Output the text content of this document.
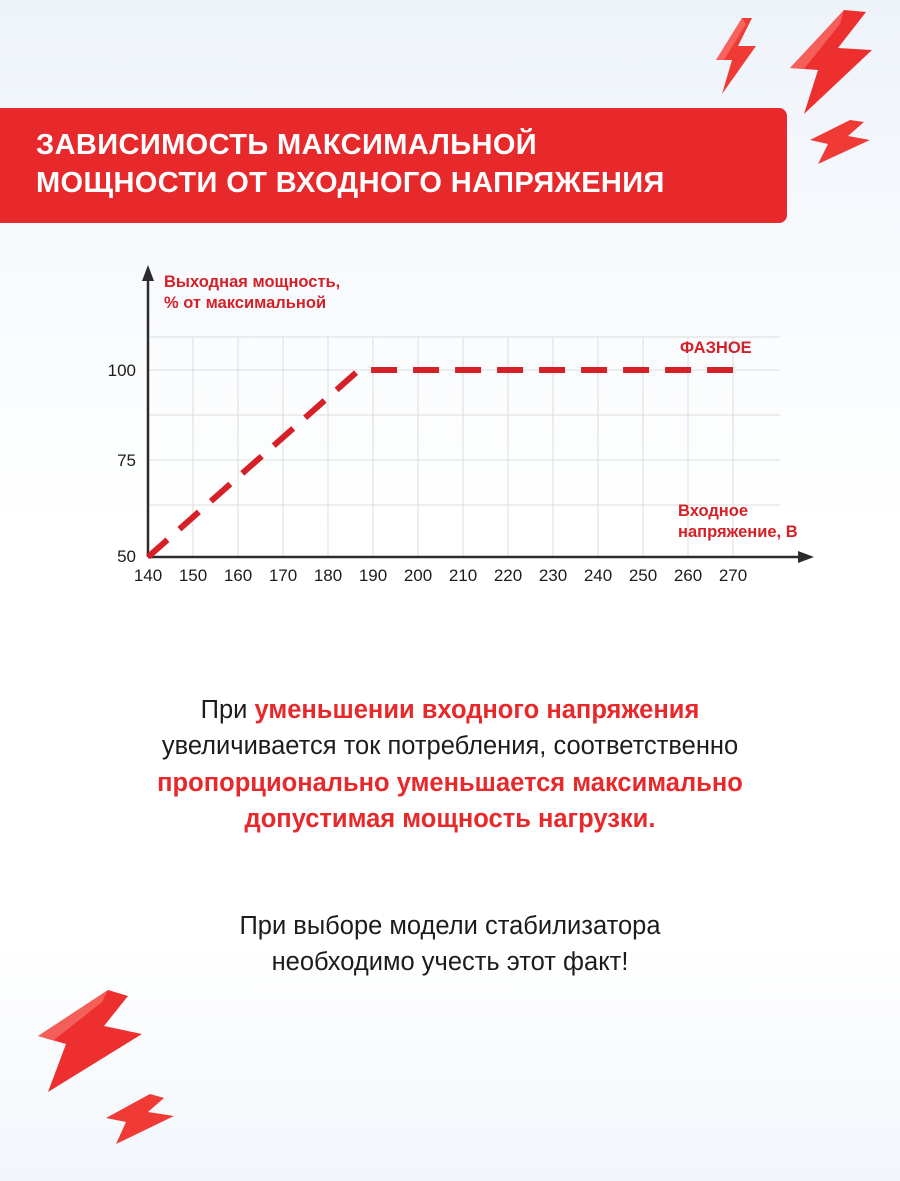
ЗАВИСИМОСТЬ МАКСИМАЛЬНОЙ
МОЩНОСТИ ОТ ВХОДНОГО НАПРЯЖЕНИЯ
100
75
50
140 150 160 170 180 190 200 210 220 230 240 250 260 270
Выходная мощность,
% от максимальной
Входное
напряжение, В
ФАЗНОЕ
При уменьшении входного напряжения
увеличивается ток потребления, соответственно
пропорционально уменьшается максимально
допустимая мощность нагрузки.
При выборе модели стабилизатора
необходимо учесть этот факт!
